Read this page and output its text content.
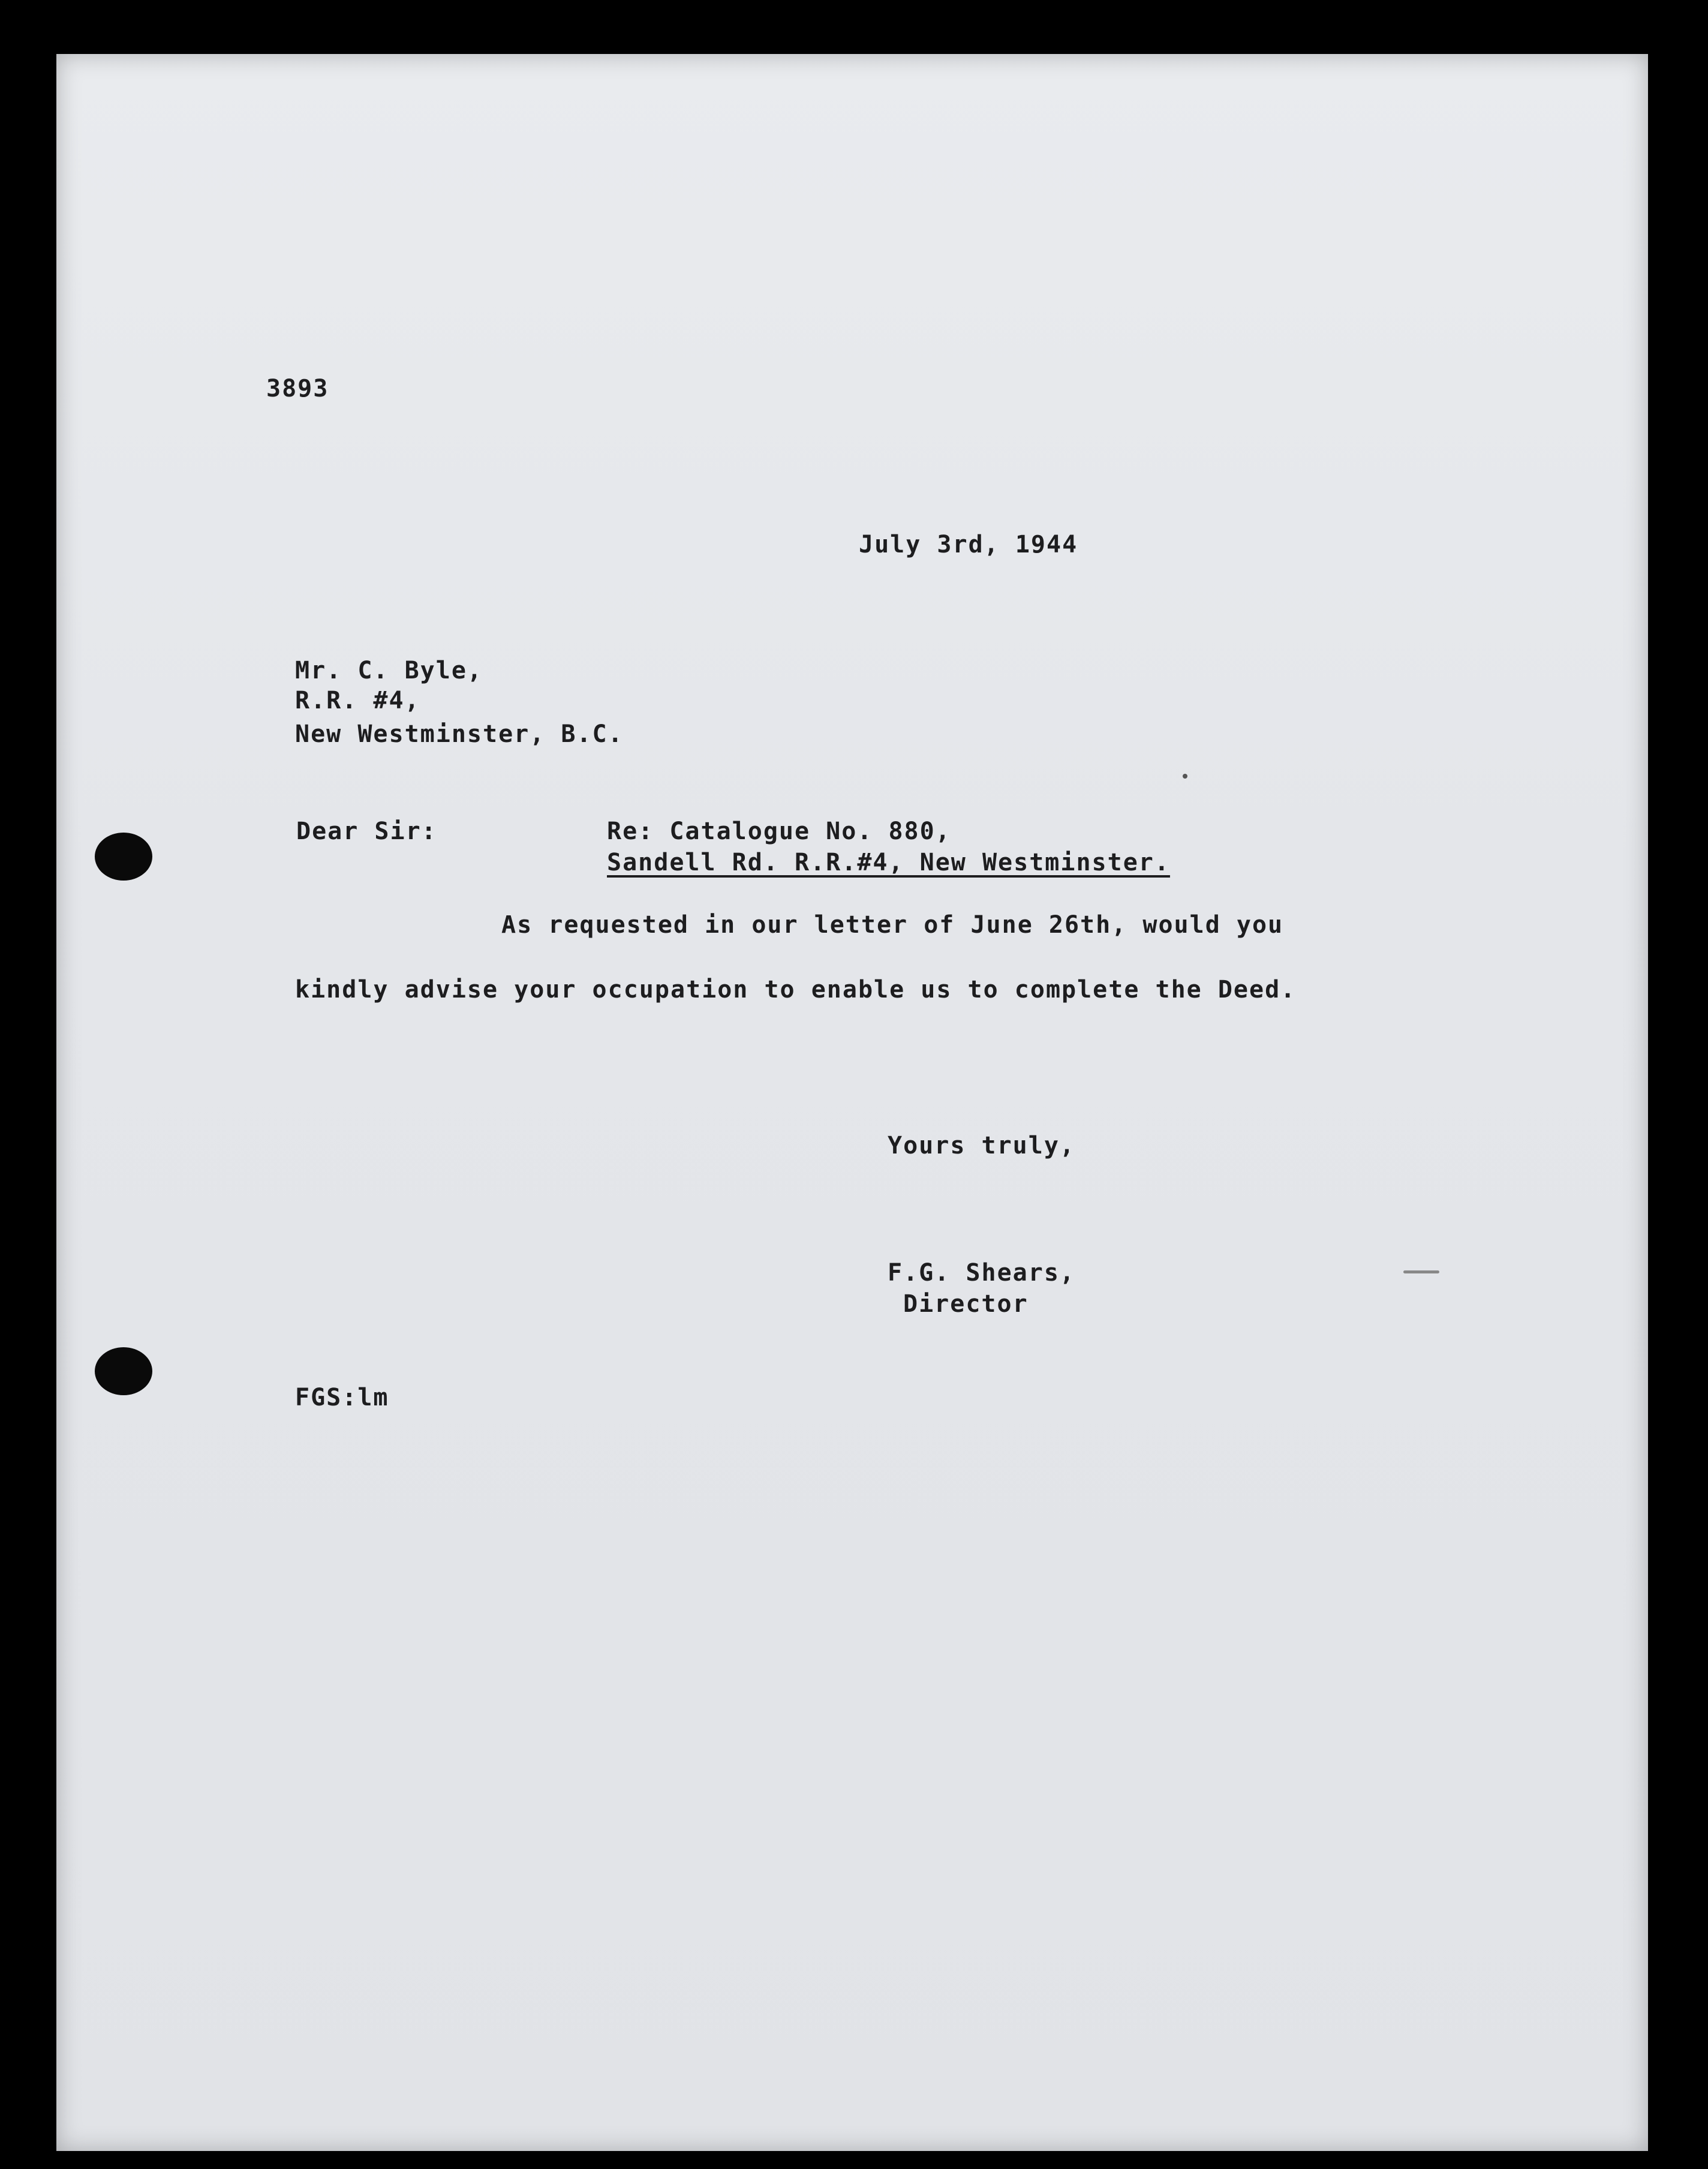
3893
July 3rd, 1944
Mr. C. Byle,
R.R. #4,
New Westminster, B.C.
Dear Sir:	Re: Catalogue No. 880,
Sandell Rd. R.R.#4, New Westminster.
As requested in our letter of June 26th, would you
kindly advise your occupation to enable us to complete the Deed.
Yours truly,
F.G. Shears,
Director
FGS:lm
